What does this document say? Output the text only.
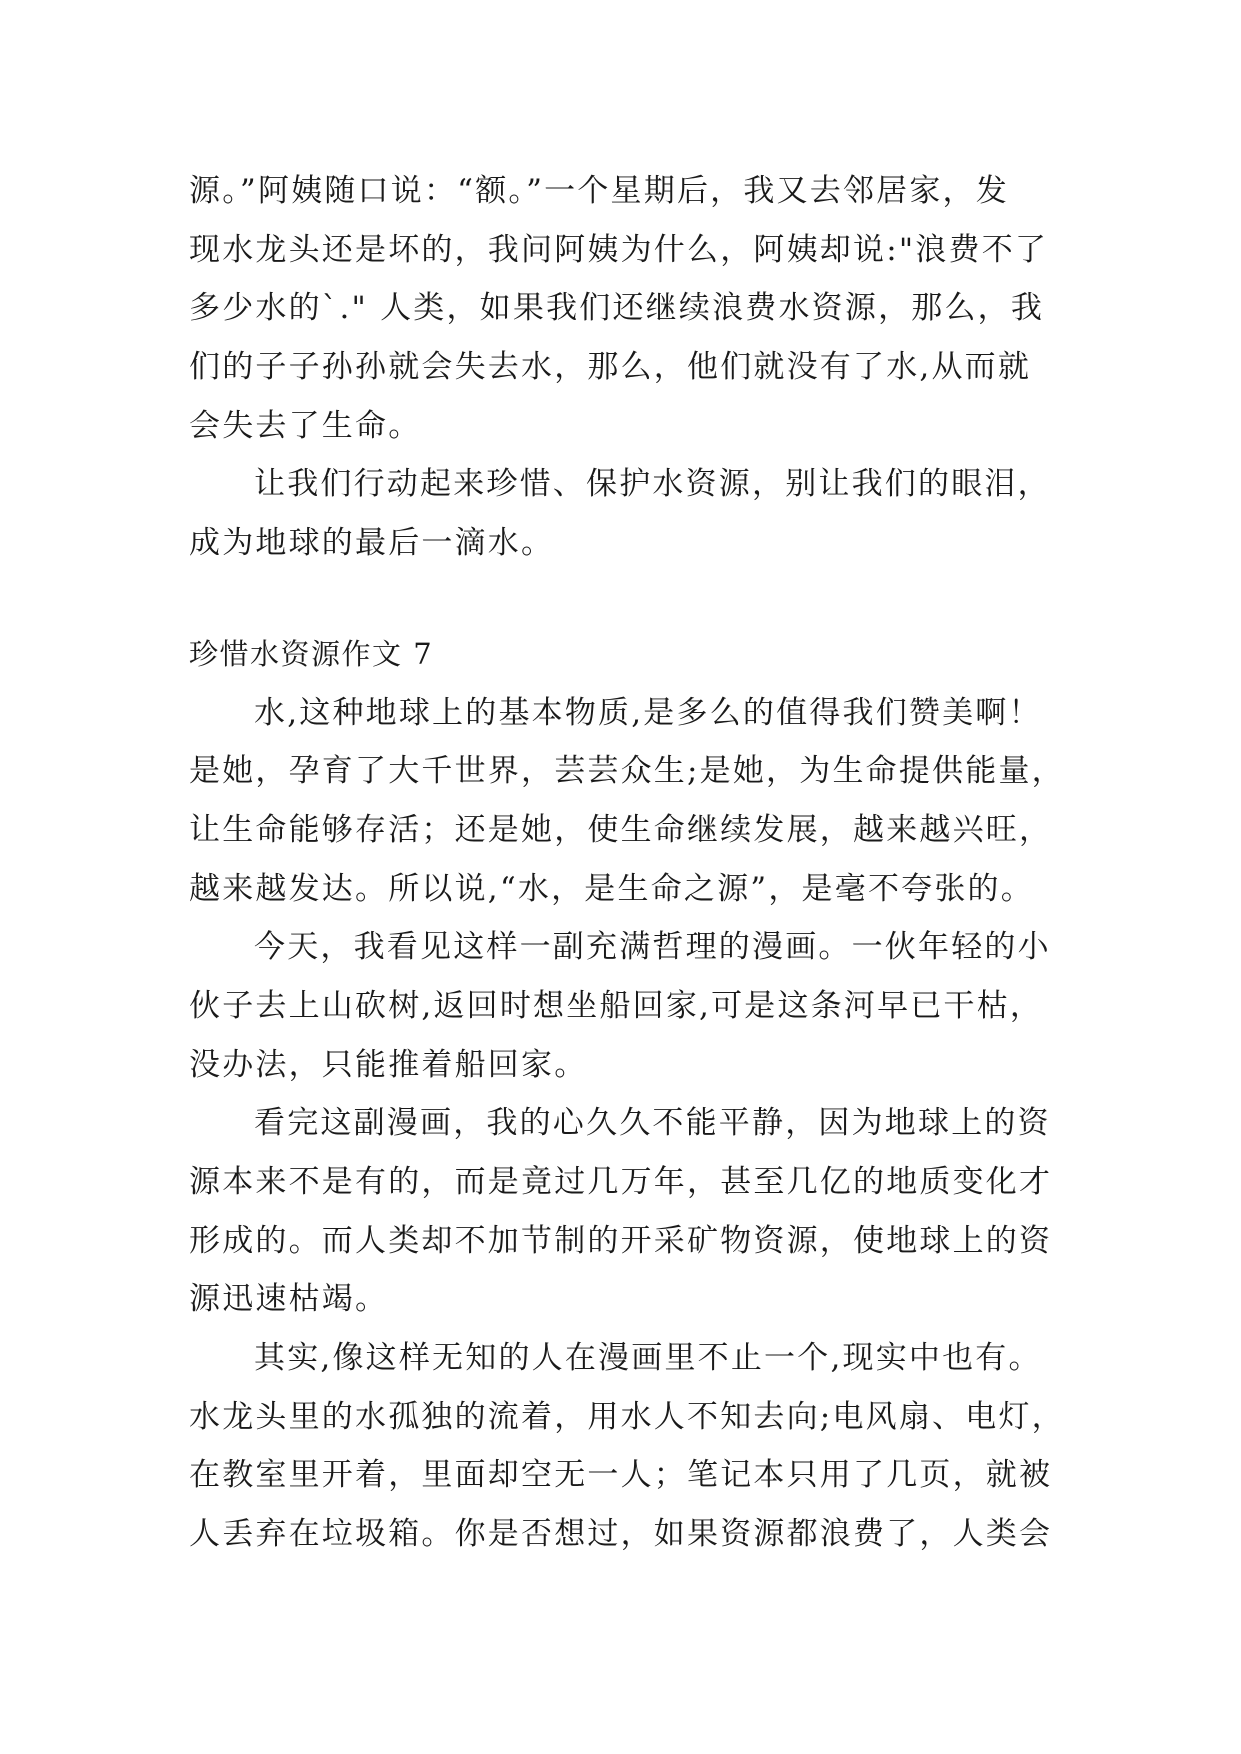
源。”阿姨随口说：“额。”一个星期后，我又去邻居家，发
现水龙头还是坏的，我问阿姨为什么，阿姨却说:"浪费不了
多少水的`." 人类，如果我们还继续浪费水资源，那么，我
们的子子孙孙就会失去水，那么，他们就没有了水,从而就
会失去了生命。
让我们行动起来珍惜、保护水资源，别让我们的眼泪，
成为地球的最后一滴水。
珍惜水资源作文 7
水,这种地球上的基本物质,是多么的值得我们赞美啊！
是她，孕育了大千世界，芸芸众生;是她，为生命提供能量，
让生命能够存活；还是她，使生命继续发展，越来越兴旺，
越来越发达。所以说,“水，是生命之源”，是毫不夸张的。
今天，我看见这样一副充满哲理的漫画。一伙年轻的小
伙子去上山砍树,返回时想坐船回家,可是这条河早已干枯，
没办法，只能推着船回家。
看完这副漫画，我的心久久不能平静，因为地球上的资
源本来不是有的，而是竟过几万年，甚至几亿的地质变化才
形成的。而人类却不加节制的开采矿物资源，使地球上的资
源迅速枯竭。
其实,像这样无知的人在漫画里不止一个,现实中也有。
水龙头里的水孤独的流着，用水人不知去向;电风扇、电灯，
在教室里开着，里面却空无一人；笔记本只用了几页，就被
人丢弃在垃圾箱。你是否想过，如果资源都浪费了，人类会
